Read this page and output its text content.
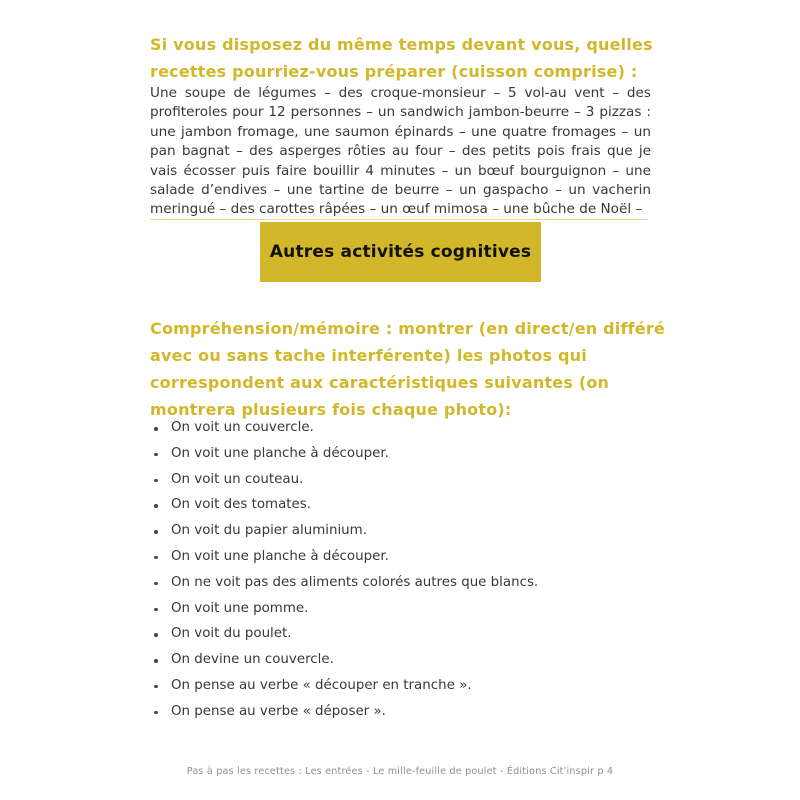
Si vous disposez du même temps devant vous, quelles recettes pourriez-vous préparer (cuisson comprise) :
Une soupe de légumes – des croque-monsieur – 5 vol-au vent – des profiteroles pour 12 personnes – un sandwich jambon-beurre – 3 pizzas : une jambon fromage, une saumon épinards – une quatre fromages – un pan bagnat – des asperges rôties au four – des petits pois frais que je vais écosser puis faire bouillir 4 minutes – un bœuf bourguignon – une salade d’endives – une tartine de beurre – un gaspacho – un vacherin meringué – des carottes râpées – un œuf mimosa – une bûche de Noël –
Autres activités cognitives
Compréhension/mémoire : montrer (en direct/en différé avec ou sans tache interférente) les photos qui correspondent aux caractéristiques suivantes (on montrera plusieurs fois chaque photo):
On voit un couvercle.
On voit une planche à découper.
On voit un couteau.
On voit des tomates.
On voit du papier aluminium.
On voit une planche à découper.
On ne voit pas des aliments colorés autres que blancs.
On voit une pomme.
On voit du poulet.
On devine un couvercle.
On pense au verbe « découper en tranche ».
On pense au verbe « déposer ».
Pas à pas les recettes : Les entrées - Le mille-feuille de poulet - Éditions Cit'inspir p 4
